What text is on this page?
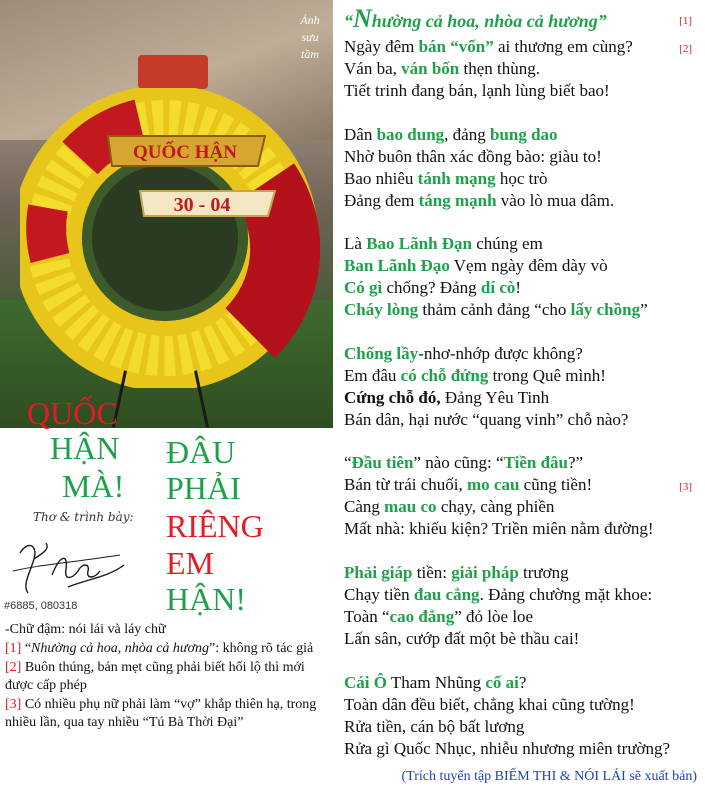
QUỐC HẬN
30 - 04
Ảnh
sưu
tầm
QUỐC
HẬN
MÀ!
ĐÂU
PHẢI
RIÊNG
EM
HẬN!
Thơ & trình bày:
#6885, 080318

-Chữ đậm: nói lái và láy chữ

[1] “Nhường cả hoa, nhòa cả hương”: không rõ tác giả

[2] Buôn thúng, bán mẹt cũng phải biết hối lộ thì mới được cấp phép

[3] Có nhiều phụ nữ phải làm “vợ” khắp thiên hạ, trong nhiều lần, qua tay nhiều “Tú Bà Thời Đại”

“Nhường cả hoa, nhòa cả hương”	[1]
Ngày đêm bán “vốn” ai thương em cùng?	[2]
Ván ba, ván bốn thẹn thùng.
Tiết trinh đang bán, lạnh lùng biết bao!
Dân bao dung, đảng bung dao
Nhờ buôn thân xác đồng bào: giàu to!
Bao nhiêu tánh mạng học trò
Đảng đem táng mạnh vào lò mua dâm.
Là Bao Lãnh Đạn chúng em
Ban Lãnh Đạo Vẹm ngày đêm dày vò
Có gì chống? Đảng dí cò!
Cháy lòng thảm cảnh đảng “cho lấy chồng”
Chống lầy-nhơ-nhớp được không?
Em đâu có chỗ đứng trong Quê mình!
Cứng chỗ đó, Đảng Yêu Tinh
Bán dân, hại nước “quang vinh” chỗ nào?
“Đầu tiên” nào cũng: “Tiền đâu?”
Bán từ trái chuối, mo cau cũng tiền!	[3]
Càng mau co chạy, càng phiền
Mất nhà: khiếu kiện? Triền miên nằm đường!
Phải giáp tiền: giải pháp trương
Chạy tiền đau cẳng. Đảng chường mặt khoe:
Toàn “cao đẳng” đỏ lòe loe
Lấn sân, cướp đất một bè thầu cai!
Cái Ô Tham Nhũng cố ai?
Toàn dân đều biết, chẳng khai cũng tường!
Rửa tiền, cán bộ bất lương
Rửa gì Quốc Nhục, nhiễu nhương miên trường?
(Trích tuyển tập BIẾM THI & NÓI LÁI sẽ xuất bản)
